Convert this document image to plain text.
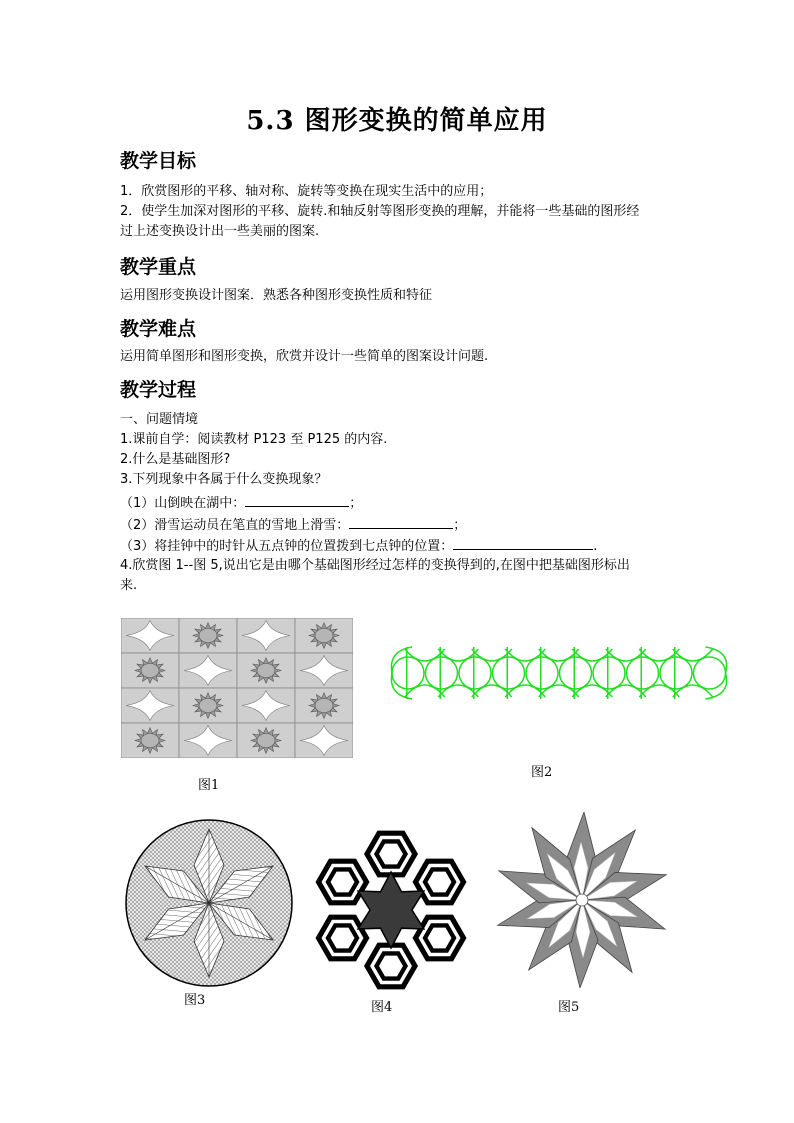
5.3 图形变换的简单应用
教学目标
1．欣赏图形的平移、轴对称、旋转等变换在现实生活中的应用；
2．使学生加深对图形的平移、旋转.和轴反射等图形变换的理解，并能将一些基础的图形经
过上述变换设计出一些美丽的图案.
教学重点
运用图形变换设计图案．熟悉各种图形变换性质和特征
教学难点
运用简单图形和图形变换，欣赏并设计一些简单的图案设计问题.
教学过程
一、问题情境
1.课前自学：阅读教材 P123 至 P125 的内容.
2.什么是基础图形?
3.下列现象中各属于什么变换现象？
（1）山倒映在湖中：	；
（2）滑雪运动员在笔直的雪地上滑雪：	；
（3）将挂钟中的时针从五点钟的位置拨到七点钟的位置：	.
4.欣赏图 1--图 5,说出它是由哪个基础图形经过怎样的变换得到的,在图中把基础图形标出
来.
图1
图2
图3	图4	图5
